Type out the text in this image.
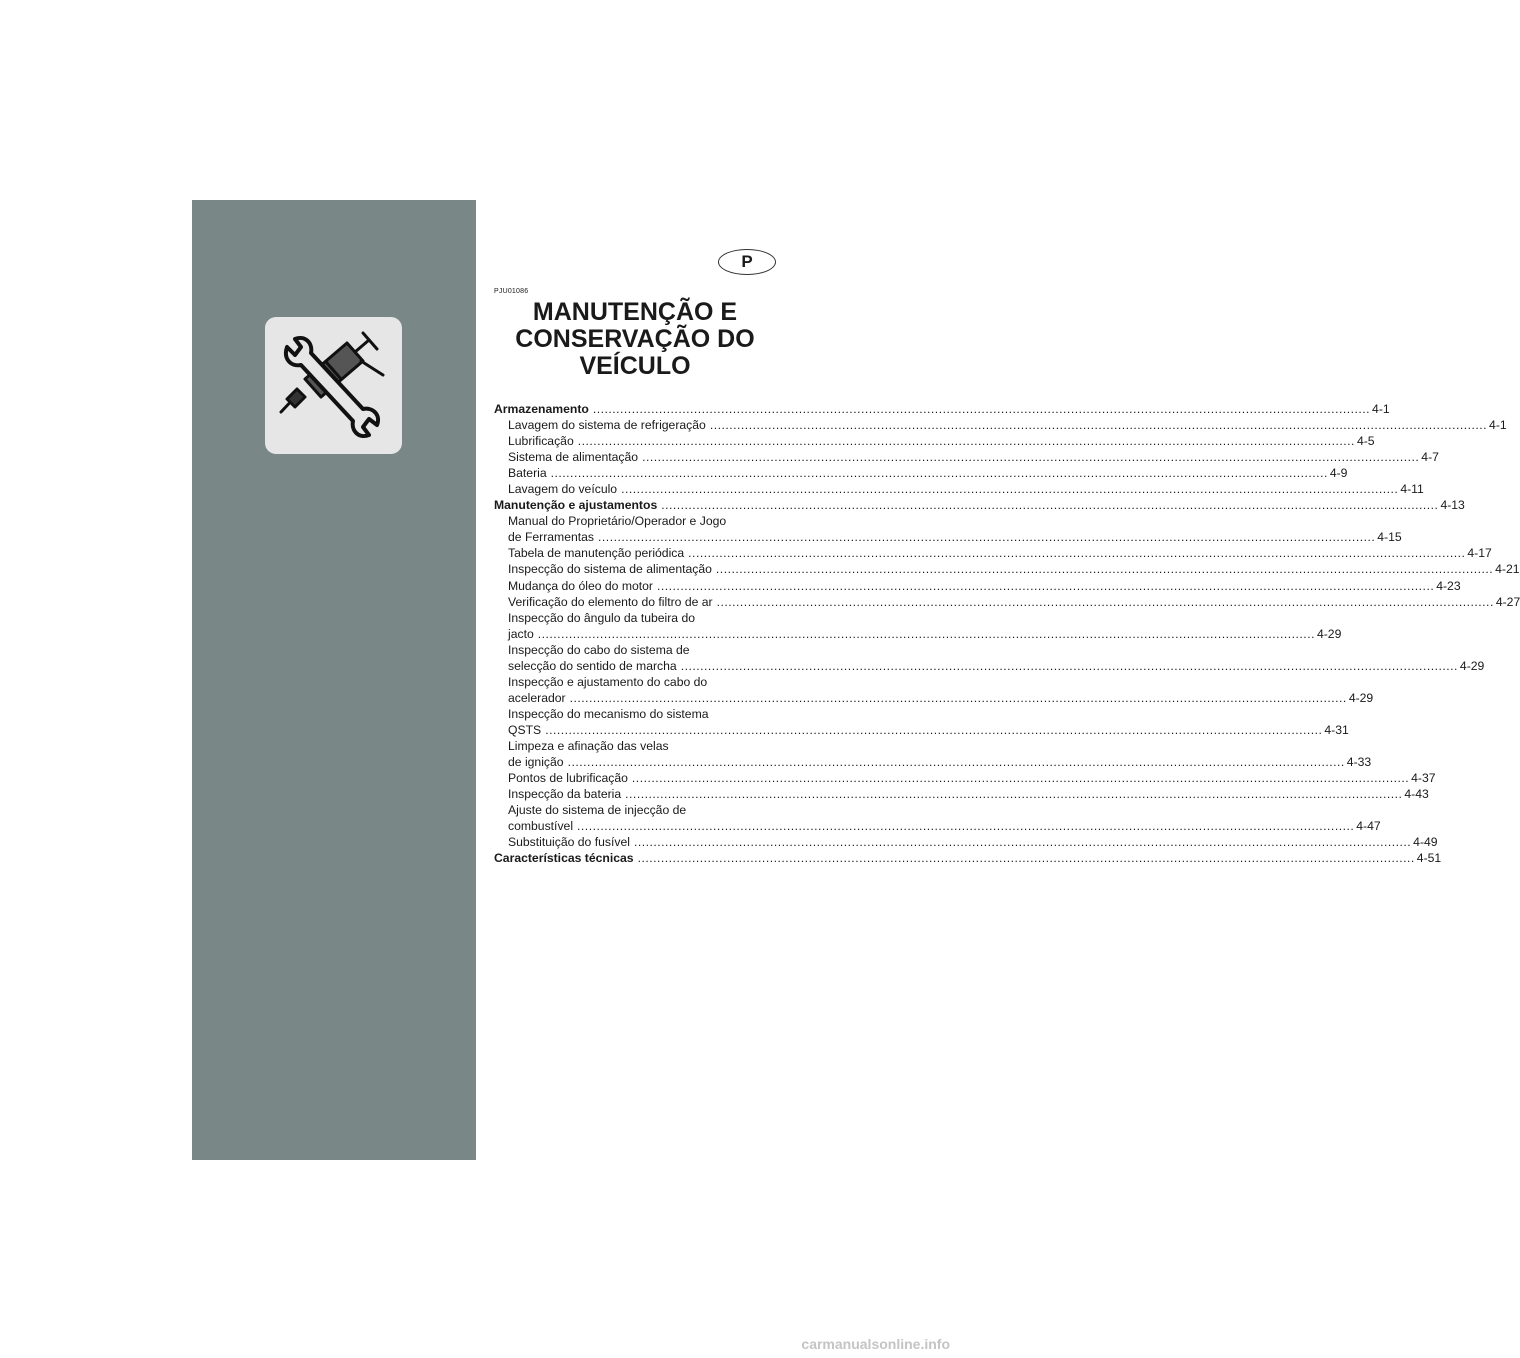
P
PJU01086
MANUTENÇÃO E
CONSERVAÇÃO DO
VEÍCULO
Armazenamento ........................................................................................................................................................................................................ 4-1
Lavagem do sistema de refrigeração ........................................................................................................................................................................................................ 4-1
Lubrificação ........................................................................................................................................................................................................ 4-5
Sistema de alimentação ........................................................................................................................................................................................................ 4-7
Bateria ........................................................................................................................................................................................................ 4-9
Lavagem do veículo ........................................................................................................................................................................................................ 4-11
Manutenção e ajustamentos ........................................................................................................................................................................................................ 4-13
Manual do Proprietário/Operador e Jogo
de Ferramentas ........................................................................................................................................................................................................ 4-15
Tabela de manutenção periódica ........................................................................................................................................................................................................ 4-17
Inspecção do sistema de alimentação ........................................................................................................................................................................................................ 4-21
Mudança do óleo do motor ........................................................................................................................................................................................................ 4-23
Verificação do elemento do filtro de ar ........................................................................................................................................................................................................ 4-27
Inspecção do ângulo da tubeira do
jacto ........................................................................................................................................................................................................ 4-29
Inspecção do cabo do sistema de
selecção do sentido de marcha ........................................................................................................................................................................................................ 4-29
Inspecção e ajustamento do cabo do
acelerador ........................................................................................................................................................................................................ 4-29
Inspecção do mecanismo do sistema
QSTS ........................................................................................................................................................................................................ 4-31
Limpeza e afinação das velas
de ignição ........................................................................................................................................................................................................ 4-33
Pontos de lubrificação ........................................................................................................................................................................................................ 4-37
Inspecção da bateria ........................................................................................................................................................................................................ 4-43
Ajuste do sistema de injecção de
combustível ........................................................................................................................................................................................................ 4-47
Substituição do fusível ........................................................................................................................................................................................................ 4-49
Características técnicas ........................................................................................................................................................................................................ 4-51
carmanualsonline.info
